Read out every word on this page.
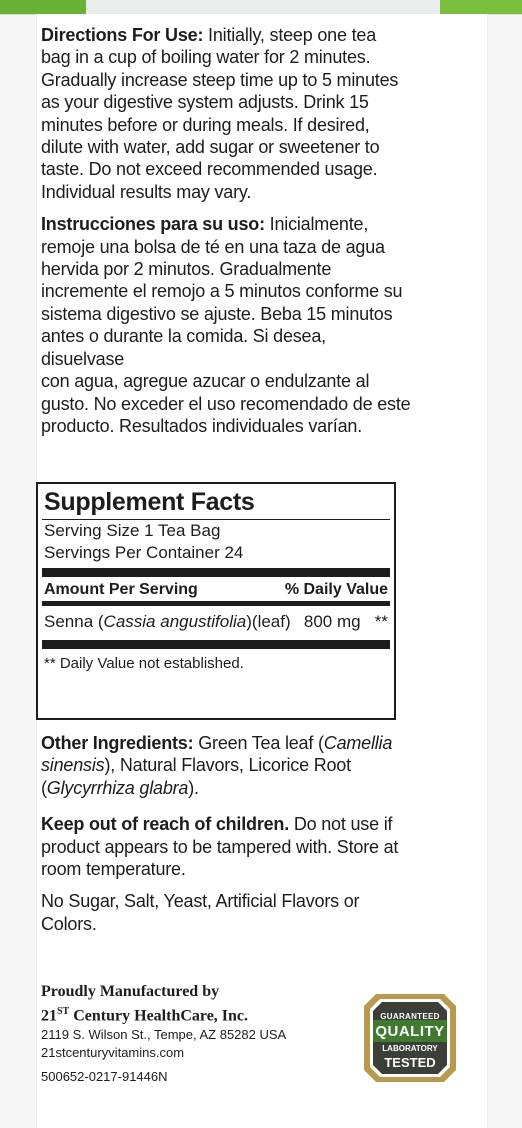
Directions For Use: Initially, steep one tea
bag in a cup of boiling water for 2 minutes.
Gradually increase steep time up to 5 minutes
as your digestive system adjusts. Drink 15
minutes before or during meals. If desired,
dilute with water, add sugar or sweetener to
taste. Do not exceed recommended usage.
Individual results may vary.

Instrucciones para su uso: Inicialmente,
remoje una bolsa de té en una taza de agua
hervida por 2 minutos. Gradualmente
incremente el remojo a 5 minutos conforme su
sistema digestivo se ajuste. Beba 15 minutos
antes o durante la comida. Si desea, disuelvase
con agua, agregue azucar o endulzante al
gusto. No exceder el uso recomendado de este
producto. Resultados individuales varían.

Supplement Facts
Serving Size 1 Tea Bag
Servings Per Container 24
Amount Per Serving	% Daily Value
Senna (Cassia angustifolia)(leaf) 800 mg **
** Daily Value not established.

Other Ingredients: Green Tea leaf (Camellia sinensis), Natural Flavors, Licorice Root (Glycyrrhiza glabra).

Keep out of reach of children. Do not use if product appears to be tampered with. Store at room temperature.

No Sugar, Salt, Yeast, Artificial Flavors or Colors.

Proudly Manufactured by
21ST Century HealthCare, Inc.
2119 S. Wilson St., Tempe, AZ 85282 USA
21stcenturyvitamins.com
500652-0217-91446N
GUARANTEED
QUALITY
LABORATORY
TESTED
